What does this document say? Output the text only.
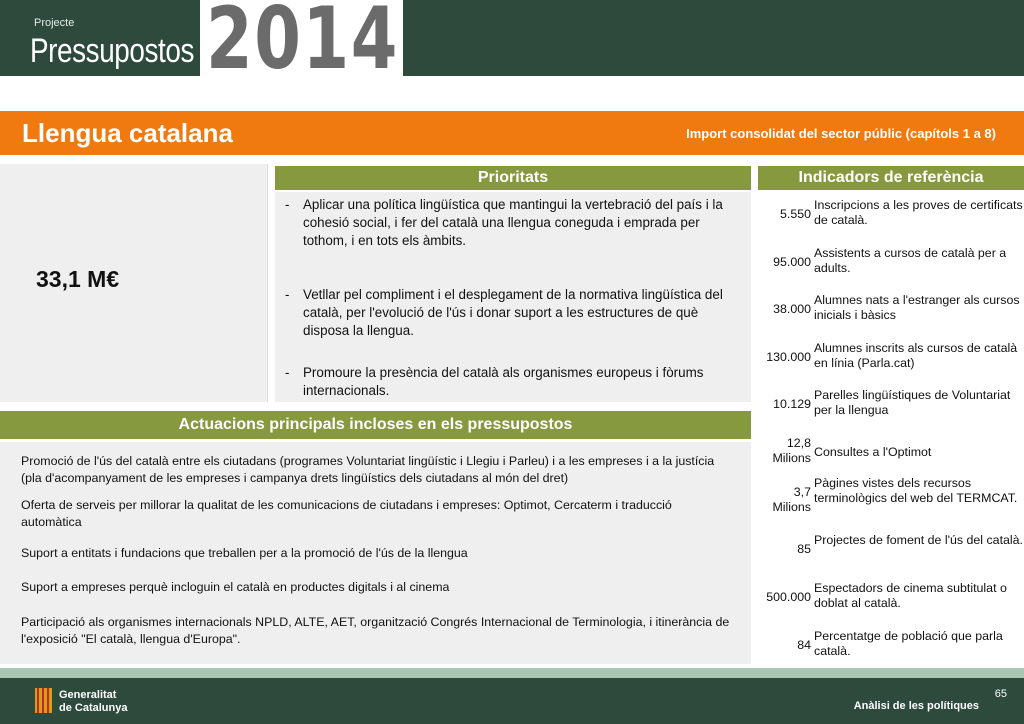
Projecte
Pressupostos 2014
Llengua catalana	Import consolidat del sector públic (capítols 1 a 8)
33,1 M€
Prioritats
- Aplicar una política lingüística que mantingui la vertebració del país i la cohesió social, i fer del català una llengua coneguda i emprada per tothom, i en tots els àmbits.
- Vetllar pel compliment i el desplegament de la normativa lingüística del català, per l'evolució de l'ús i donar suport a les estructures de què disposa la llengua.
- Promoure la presència del català als organismes europeus i fòrums internacionals.
Actuacions principals incloses en els pressupostos
Promoció de l'ús del català entre els ciutadans (programes Voluntariat lingüístic i Llegiu i Parleu) i a les empreses i a la justícia (pla d'acompanyament de les empreses i campanya drets lingüístics dels ciutadans al món del dret)
Oferta de serveis per millorar la qualitat de les comunicacions de ciutadans i empreses: Optimot, Cercaterm i traducció automàtica
Suport a entitats i fundacions que treballen per a la promoció de l'ús de la llengua
Suport a empreses perquè incloguin el català en productes digitals i al cinema
Participació als organismes internacionals NPLD, ALTE, AET, organització Congrés Internacional de Terminologia, i itinerància de l'exposició "El català, llengua d'Europa".
Indicadors de referència
5.550
Inscripcions a les proves de certificats de català.
95.000
Assistents a cursos de català per a adults.
38.000
Alumnes nats a l'estranger als cursos inicials i bàsics
130.000
Alumnes inscrits als cursos de català en línia (Parla.cat)
10.129
Parelles lingüístiques de Voluntariat per la llengua
12,8 Milions Consultes a l'Optimot
3,7 Milions
Pàgines vistes dels recursos terminològics del web del TERMCAT.
85
Projectes de foment de l'ús del català.
500.000
Espectadors de cinema subtitulat o doblat al català.
84
Percentatge de població que parla català.
Generalitat
de Catalunya
65
Anàlisi de les polítiques
